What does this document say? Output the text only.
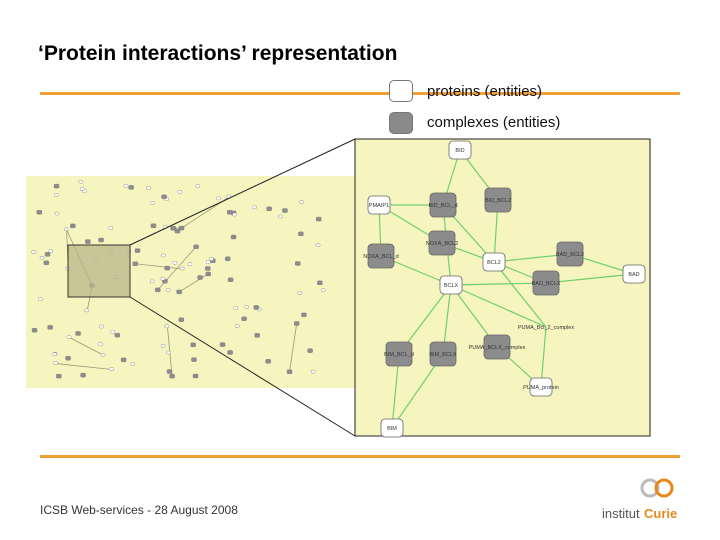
‘Protein interactions’ representation
proteins (entities)
complexes (entities)
BID
PMAIP1	BID_BCL_d
BID_BCL2
NOXA_BCL2
NOXA_BCL_d
BCL2
BAD_BCL2
BAD
BCLX	BAD_BCLX
PUMA_Bcl_2_complex
PUMA_BCLX_complex
BIM_BCL_d	BIM_BCLX
PUMA_protein
BIM
ICSB Web-services - 28 August 2008	institut Curie
